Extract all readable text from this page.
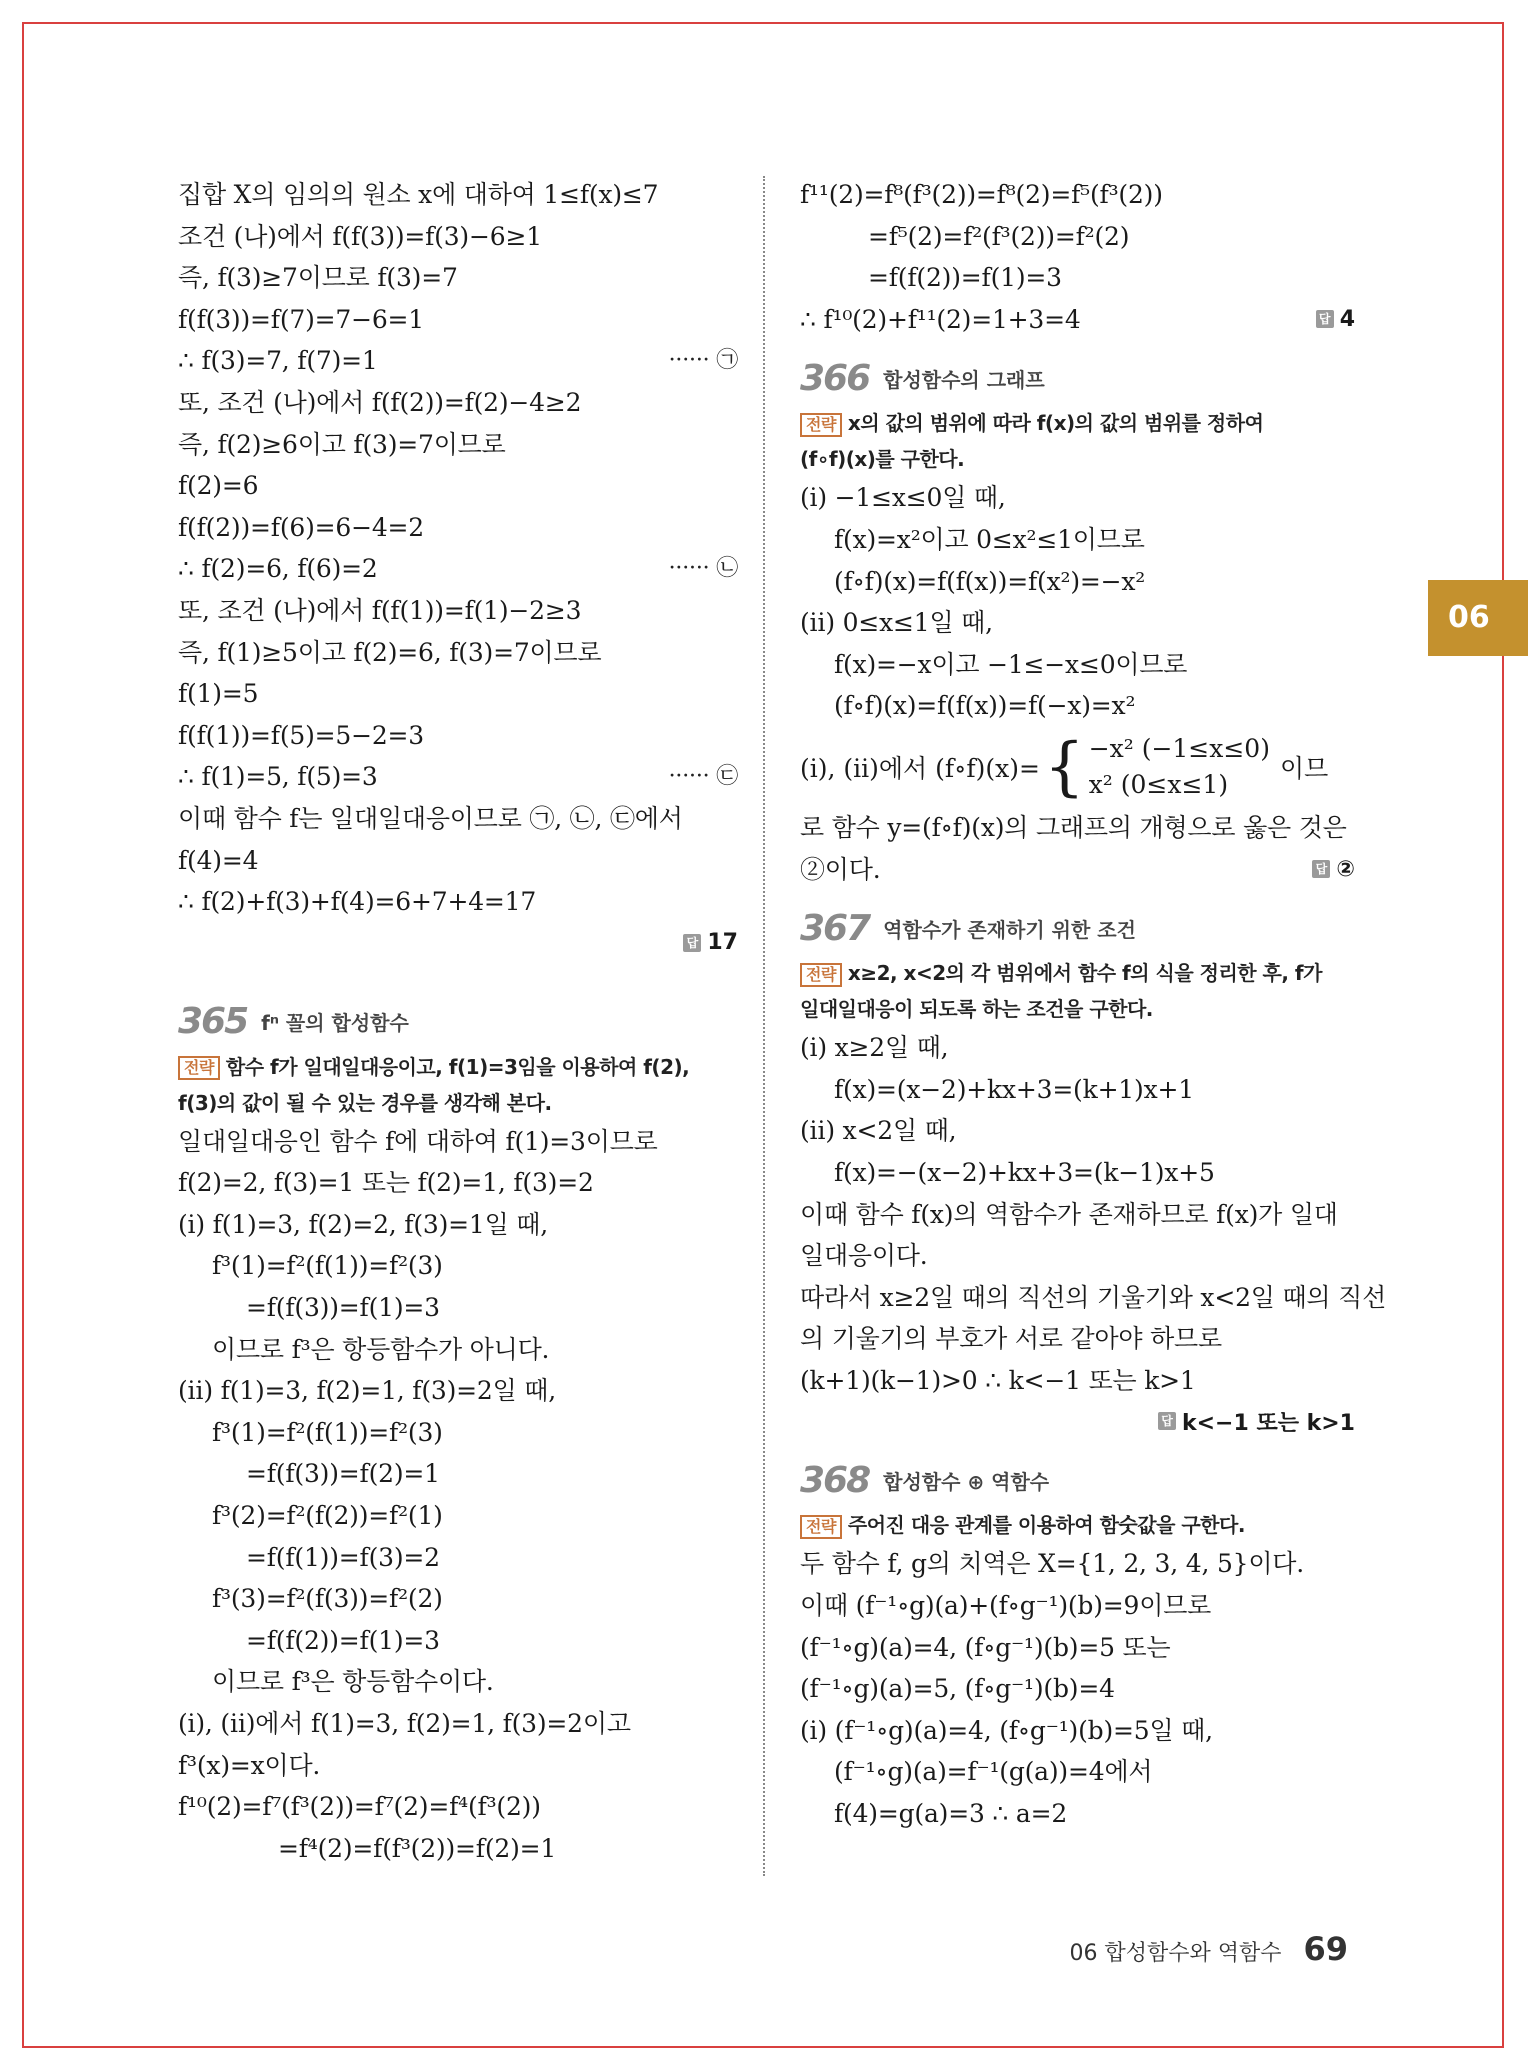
06
집합 X의 임의의 원소 x에 대하여 1≤f(x)≤7
조건 (나)에서 f(f(3))=f(3)−6≥1
즉, f(3)≥7이므로 f(3)=7
f(f(3))=f(7)=7−6=1
∴ f(3)=7, f(7)=1	······ ㉠
또, 조건 (나)에서 f(f(2))=f(2)−4≥2
즉, f(2)≥6이고 f(3)=7이므로
f(2)=6
f(f(2))=f(6)=6−4=2
∴ f(2)=6, f(6)=2	······ ㉡
또, 조건 (나)에서 f(f(1))=f(1)−2≥3
즉, f(1)≥5이고 f(2)=6, f(3)=7이므로
f(1)=5
f(f(1))=f(5)=5−2=3
∴ f(1)=5, f(5)=3	······ ㉢
이때 함수 f는 일대일대응이므로 ㉠, ㉡, ㉢에서
f(4)=4
∴ f(2)+f(3)+f(4)=6+7+4=17
답 17
365 fⁿ 꼴의 합성함수
전략 함수 f가 일대일대응이고, f(1)=3임을 이용하여 f(2),
f(3)의 값이 될 수 있는 경우를 생각해 본다.
일대일대응인 함수 f에 대하여 f(1)=3이므로
f(2)=2, f(3)=1 또는 f(2)=1, f(3)=2
(ⅰ) f(1)=3, f(2)=2, f(3)=1일 때,
f³(1)=f²(f(1))=f²(3)
=f(f(3))=f(1)=3
이므로 f³은 항등함수가 아니다.
(ⅱ) f(1)=3, f(2)=1, f(3)=2일 때,
f³(1)=f²(f(1))=f²(3)
=f(f(3))=f(2)=1
f³(2)=f²(f(2))=f²(1)
=f(f(1))=f(3)=2
f³(3)=f²(f(3))=f²(2)
=f(f(2))=f(1)=3
이므로 f³은 항등함수이다.
(ⅰ), (ⅱ)에서 f(1)=3, f(2)=1, f(3)=2이고
f³(x)=x이다.
f¹⁰(2)=f⁷(f³(2))=f⁷(2)=f⁴(f³(2))
=f⁴(2)=f(f³(2))=f(2)=1
f¹¹(2)=f⁸(f³(2))=f⁸(2)=f⁵(f³(2))
=f⁵(2)=f²(f³(2))=f²(2)
=f(f(2))=f(1)=3
∴ f¹⁰(2)+f¹¹(2)=1+3=4	답 4
366 합성함수의 그래프
전략 x의 값의 범위에 따라 f(x)의 값의 범위를 정하여
(f∘f)(x)를 구한다.
(ⅰ) −1≤x≤0일 때,
f(x)=x²이고 0≤x²≤1이므로
(f∘f)(x)=f(f(x))=f(x²)=−x²
(ⅱ) 0≤x≤1일 때,
f(x)=−x이고 −1≤−x≤0이므로
(f∘f)(x)=f(f(x))=f(−x)=x²
(ⅰ), (ⅱ)에서 (f∘f)(x)= { −x² (−1≤x≤0)
x² (0≤x≤1)
이므
로 함수 y=(f∘f)(x)의 그래프의 개형으로 옳은 것은
②이다.	답 ②
367 역함수가 존재하기 위한 조건
전략 x≥2, x<2의 각 범위에서 함수 f의 식을 정리한 후, f가
일대일대응이 되도록 하는 조건을 구한다.
(ⅰ) x≥2일 때,
f(x)=(x−2)+kx+3=(k+1)x+1
(ⅱ) x<2일 때,
f(x)=−(x−2)+kx+3=(k−1)x+5
이때 함수 f(x)의 역함수가 존재하므로 f(x)가 일대
일대응이다.
따라서 x≥2일 때의 직선의 기울기와 x<2일 때의 직선
의 기울기의 부호가 서로 같아야 하므로
(k+1)(k−1)>0 ∴ k<−1 또는 k>1
답 k<−1 또는 k>1
368 합성함수 ⊕ 역함수
전략 주어진 대응 관계를 이용하여 함숫값을 구한다.
두 함수 f, g의 치역은 X={1, 2, 3, 4, 5}이다.
이때 (f⁻¹∘g)(a)+(f∘g⁻¹)(b)=9이므로
(f⁻¹∘g)(a)=4, (f∘g⁻¹)(b)=5 또는
(f⁻¹∘g)(a)=5, (f∘g⁻¹)(b)=4
(ⅰ) (f⁻¹∘g)(a)=4, (f∘g⁻¹)(b)=5일 때,
(f⁻¹∘g)(a)=f⁻¹(g(a))=4에서
f(4)=g(a)=3 ∴ a=2
06 합성함수와 역함수 69
